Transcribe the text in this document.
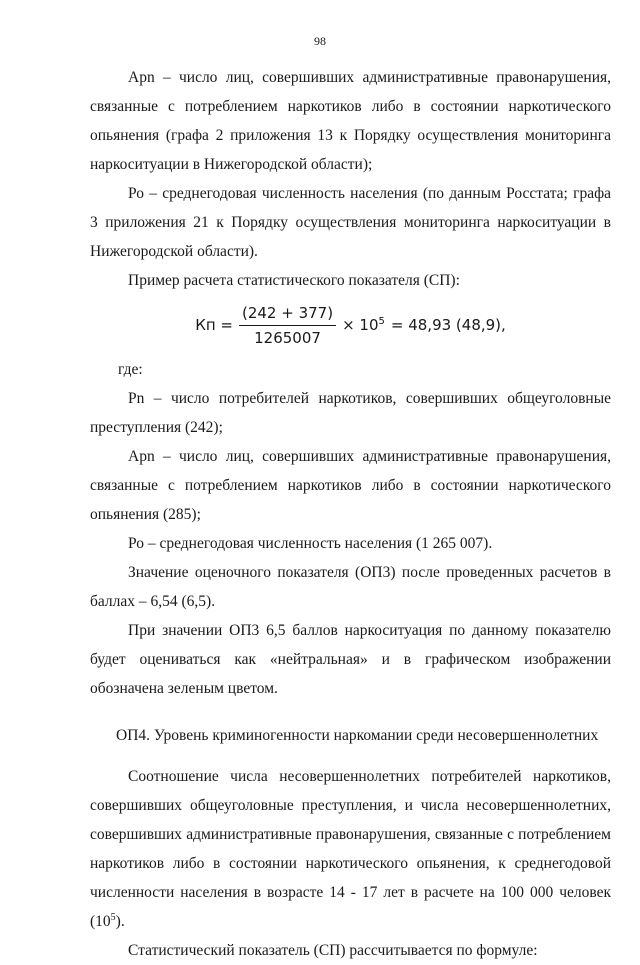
98

Apn – число лиц, совершивших административные правонарушения, связанные с потреблением наркотиков либо в состоянии наркотического опьянения (графа 2 приложения 13 к Порядку осуществления мониторинга наркоситуации в Нижегородской области);

Ро – среднегодовая численность населения (по данным Росстата; графа 3 приложения 21 к Порядку осуществления мониторинга наркоситуации в Нижегородской области).

Пример расчета статистического показателя (СП):

Кп = $\frac{(242 + 377)}{1265007} \times 10^5 = 48,93$ (48,9),

где:

Рn – число потребителей наркотиков, совершивших общеуголовные преступления (242);

Apn – число лиц, совершивших административные правонарушения, связанные с потреблением наркотиков либо в состоянии наркотического опьянения (285);

Ро – среднегодовая численность населения (1 265 007).

Значение оценочного показателя (ОП3) после проведенных расчетов в баллах – 6,54 (6,5).

При значении ОП3 6,5 баллов наркоситуация по данному показателю будет оцениваться как «нейтральная» и в графическом изображении обозначена зеленым цветом.

ОП4. Уровень криминогенности наркомании среди несовершеннолетних

Соотношение числа несовершеннолетних потребителей наркотиков, совершивших общеуголовные преступления, и числа несовершеннолетних, совершивших административные правонарушения, связанные с потреблением наркотиков либо в состоянии наркотического опьянения, к среднегодовой численности населения в возрасте 14 - 17 лет в расчете на 100 000 человек $(10^5)$.

Статистический показатель (СП) рассчитывается по формуле:
